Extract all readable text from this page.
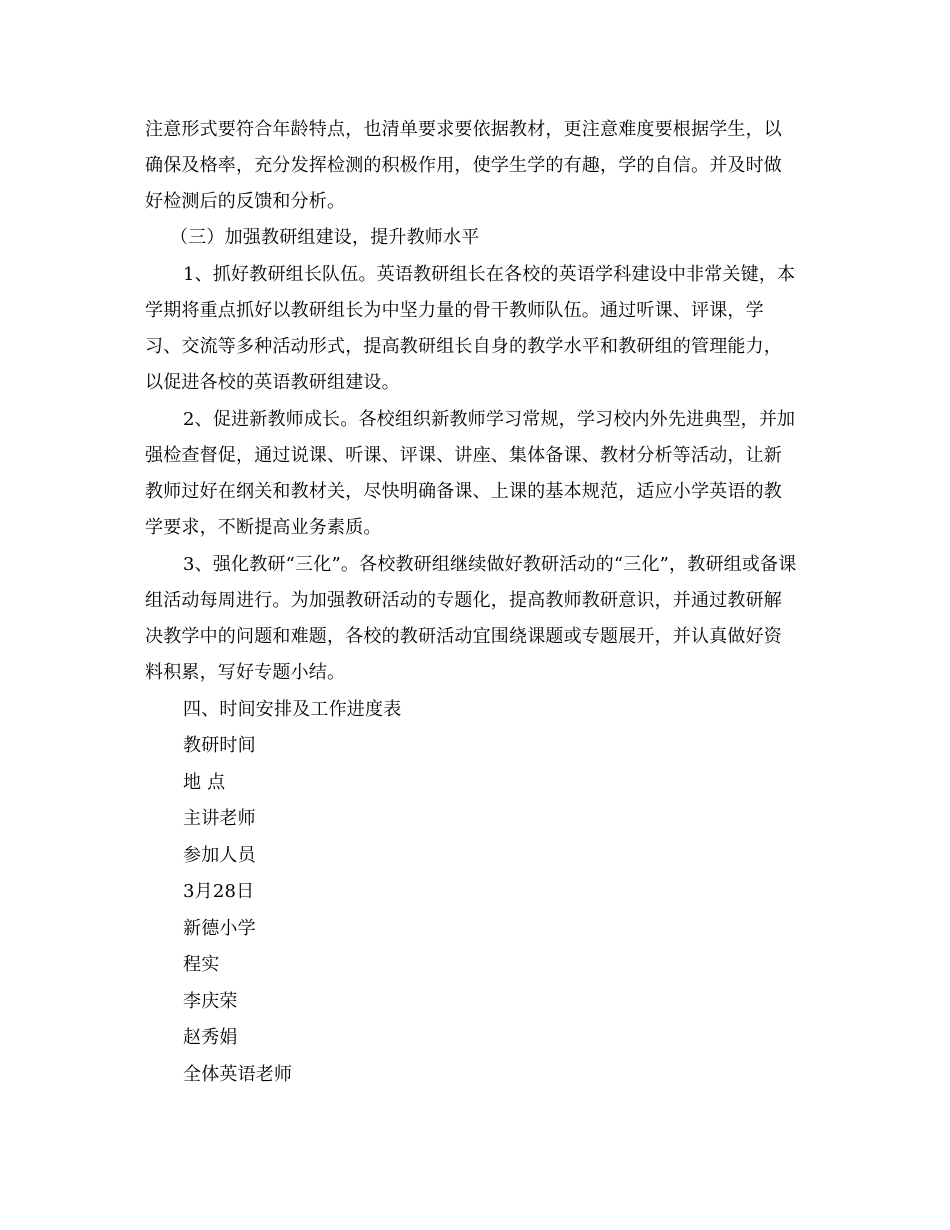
注意形式要符合年龄特点，也清单要求要依据教材，更注意难度要根据学生，以
确保及格率，充分发挥检测的积极作用，使学生学的有趣，学的自信。并及时做
好检测后的反馈和分析。
（三）加强教研组建设，提升教师水平
1、抓好教研组长队伍。英语教研组长在各校的英语学科建设中非常关键，本
学期将重点抓好以教研组长为中坚力量的骨干教师队伍。通过听课、评课，学
习、交流等多种活动形式，提高教研组长自身的教学水平和教研组的管理能力，
以促进各校的英语教研组建设。
2、促进新教师成长。各校组织新教师学习常规，学习校内外先进典型，并加
强检查督促，通过说课、听课、评课、讲座、集体备课、教材分析等活动，让新
教师过好在纲关和教材关，尽快明确备课、上课的基本规范，适应小学英语的教
学要求，不断提高业务素质。
3、强化教研“三化”。各校教研组继续做好教研活动的“三化”，教研组或备课
组活动每周进行。为加强教研活动的专题化，提高教师教研意识，并通过教研解
决教学中的问题和难题，各校的教研活动宜围绕课题或专题展开，并认真做好资
料积累，写好专题小结。
四、时间安排及工作进度表
教研时间
地 点
主讲老师
参加人员
3月28日
新德小学
程实
李庆荣
赵秀娟
全体英语老师
